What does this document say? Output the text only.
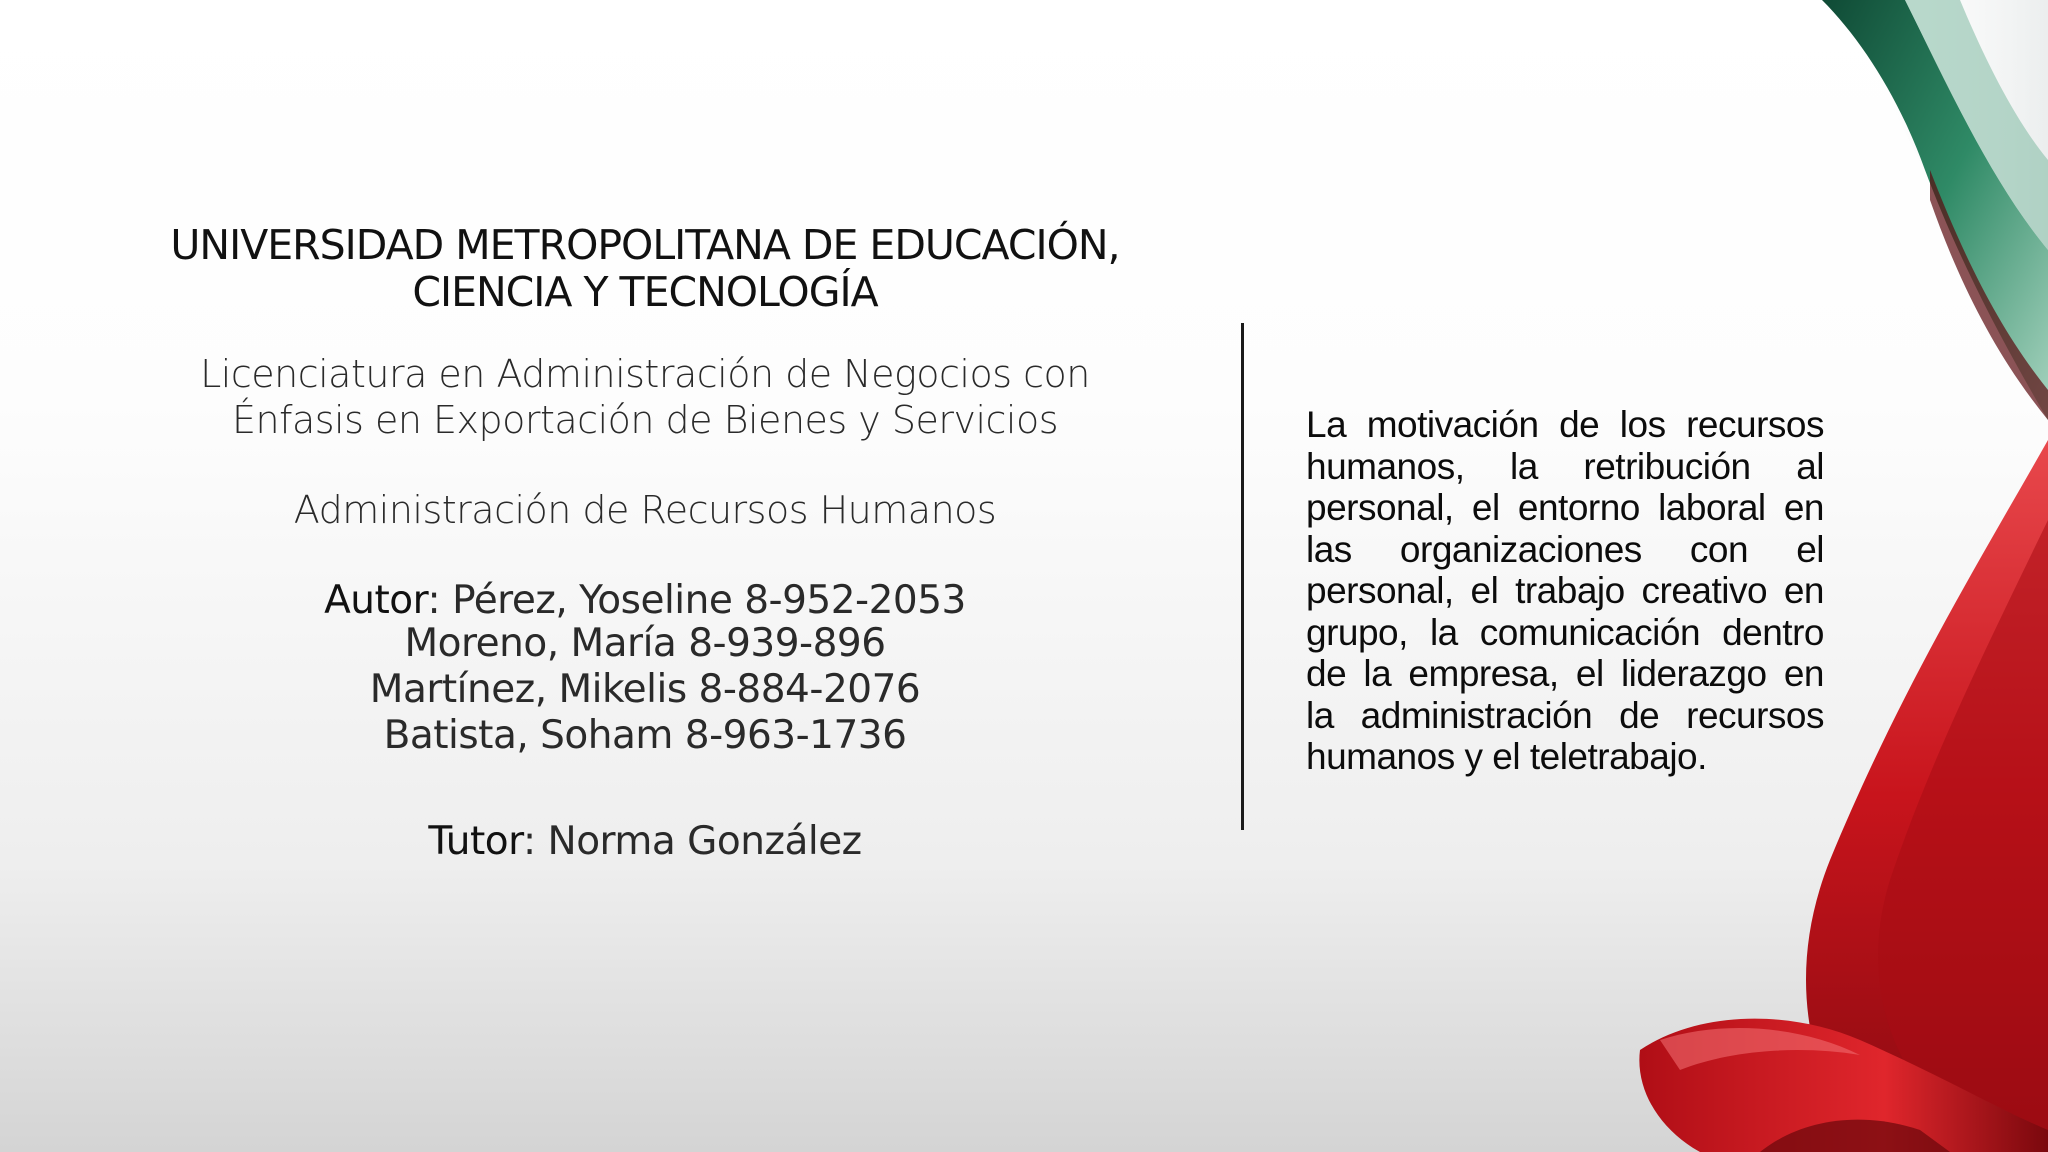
UNIVERSIDAD METROPOLITANA DE EDUCACIÓN,
CIENCIA Y TECNOLOGÍA
Licenciatura en Administración de Negocios con
Énfasis en Exportación de Bienes y Servicios
Administración de Recursos Humanos
Autor: Pérez, Yoseline 8-952-2053
Moreno, María 8-939-896
Martínez, Mikelis 8-884-2076
Batista, Soham 8-963-1736
Tutor: Norma González

La motivación de los recursos humanos, la retribución al personal, el entorno laboral en las organizaciones con el personal, el trabajo creativo en grupo, la comunicación dentro de la empresa, el liderazgo en la administración de recursos humanos y el teletrabajo.
